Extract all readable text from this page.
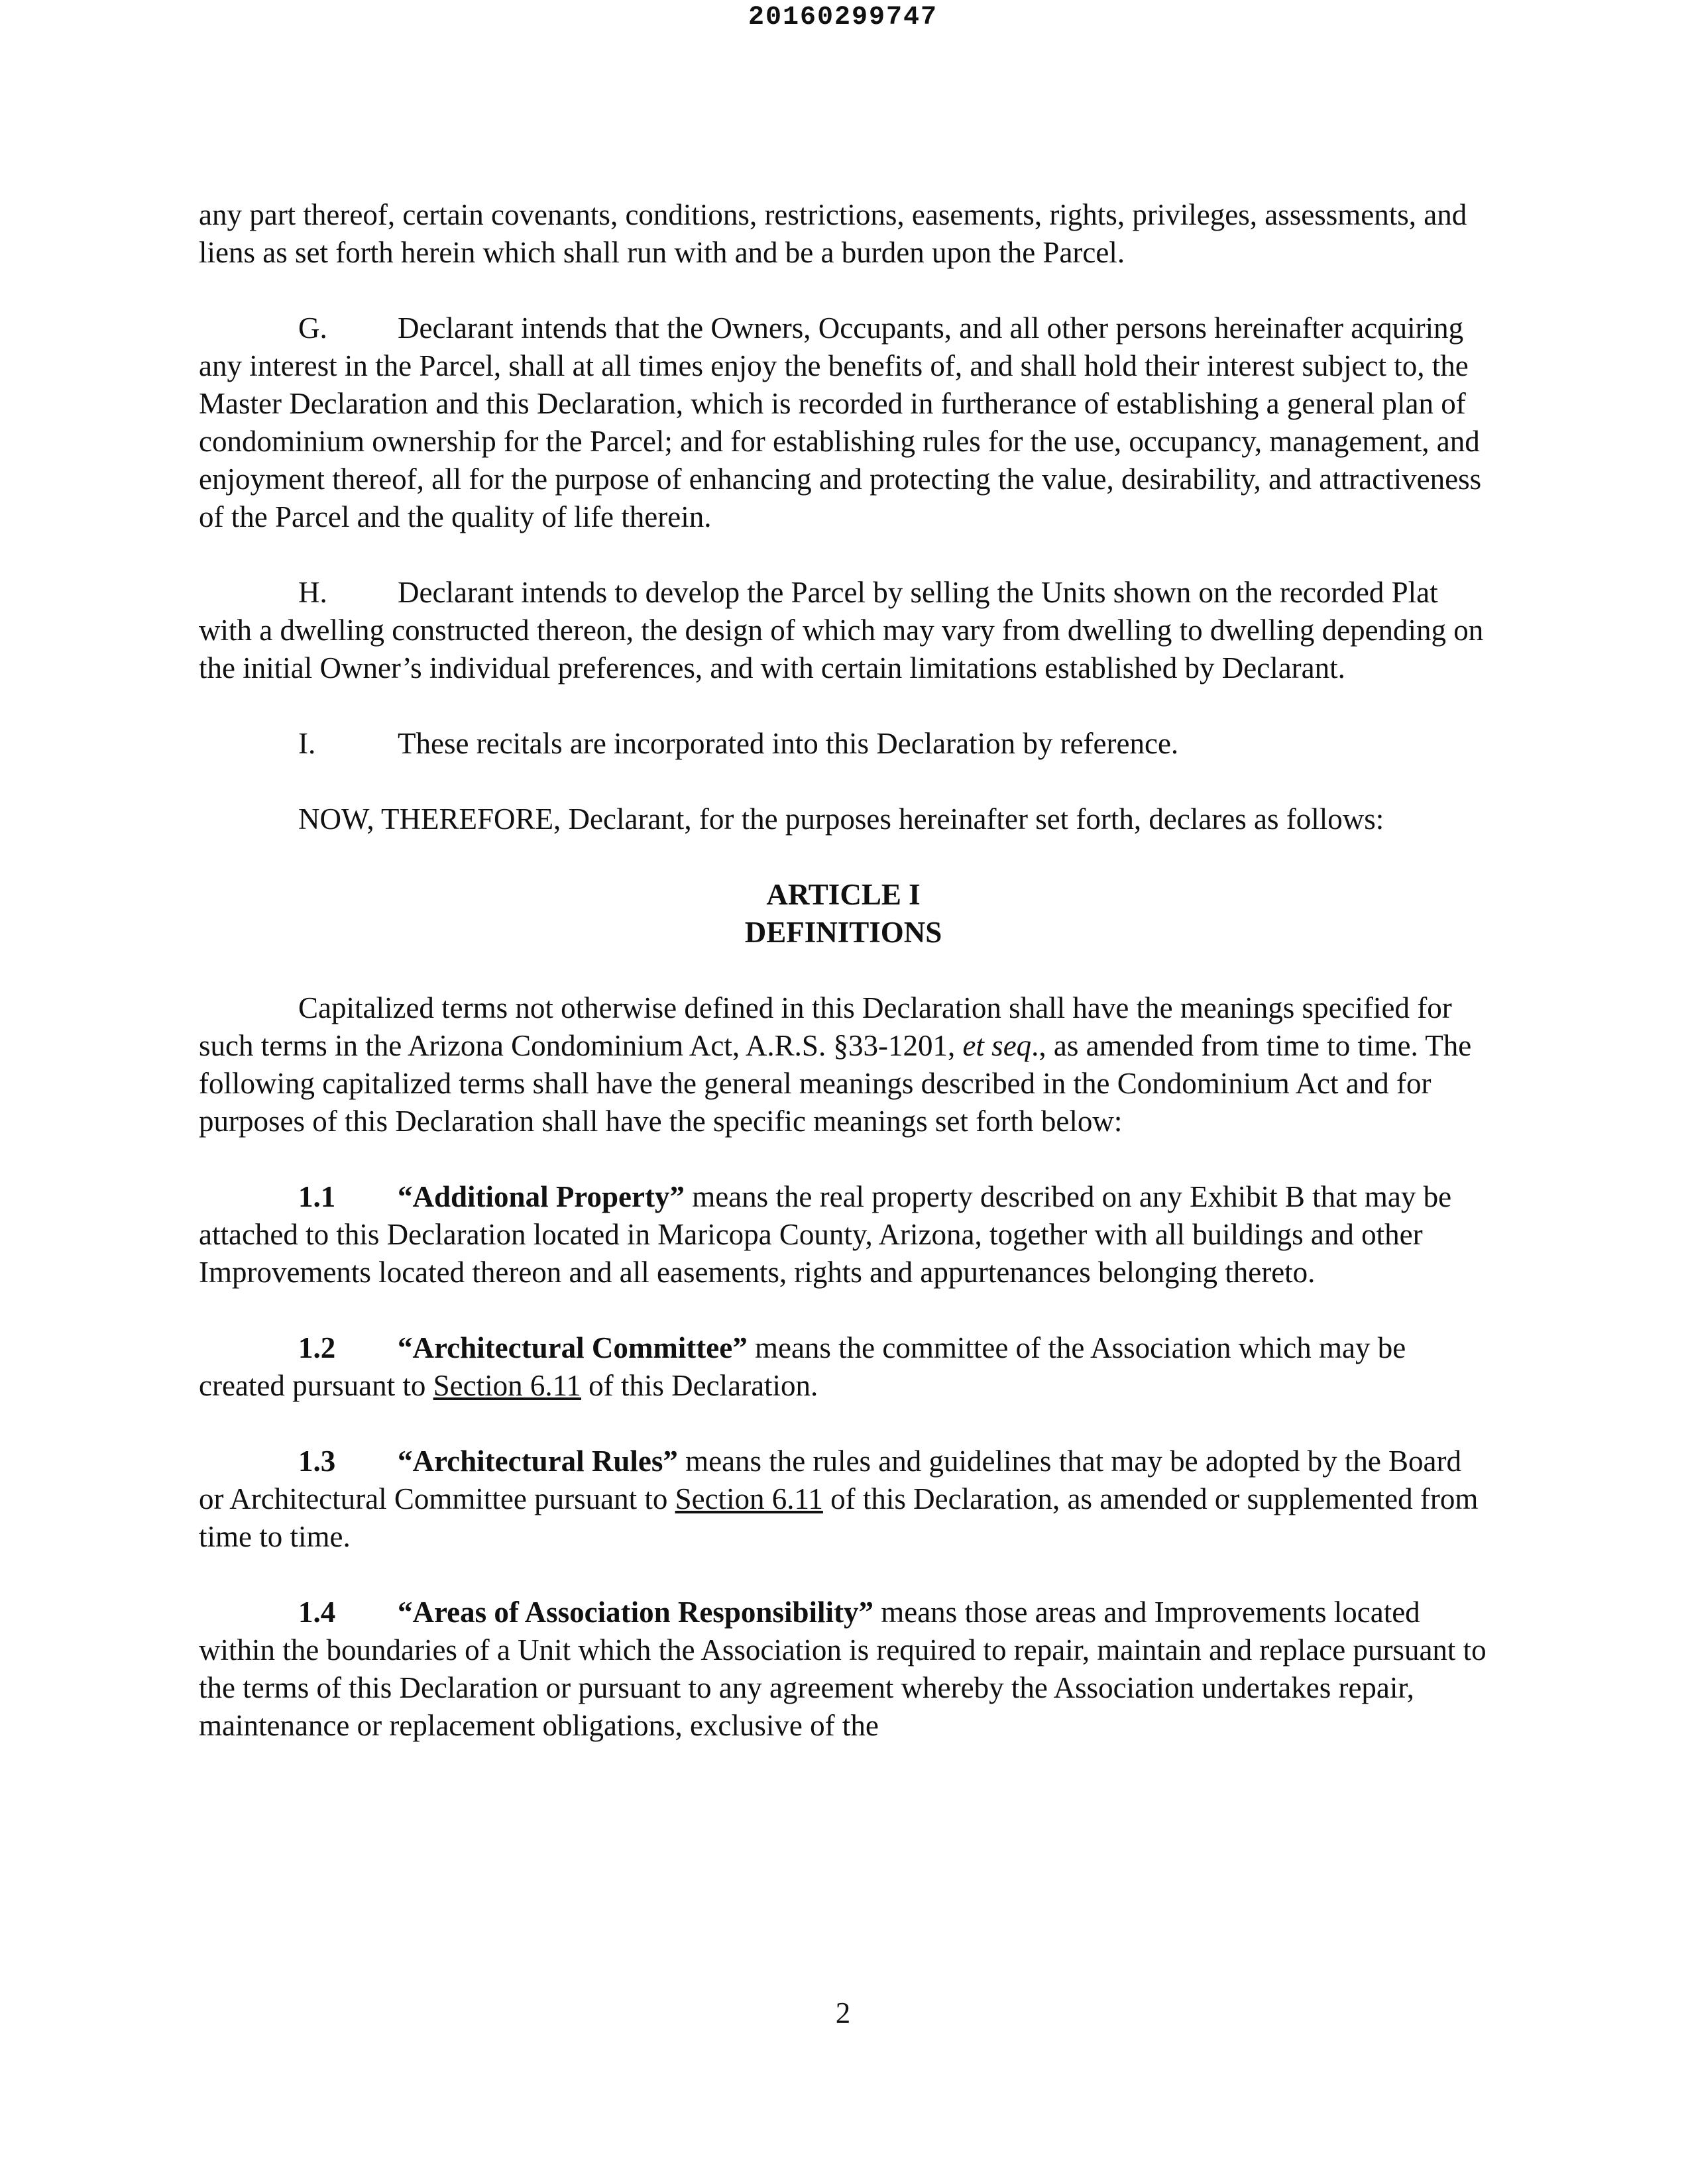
20160299747

any part thereof, certain covenants, conditions, restrictions, easements, rights, privileges, assessments, and liens as set forth herein which shall run with and be a burden upon the Parcel.

G. Declarant intends that the Owners, Occupants, and all other persons hereinafter acquiring any interest in the Parcel, shall at all times enjoy the benefits of, and shall hold their interest subject to, the Master Declaration and this Declaration, which is recorded in furtherance of establishing a general plan of condominium ownership for the Parcel; and for establishing rules for the use, occupancy, management, and enjoyment thereof, all for the purpose of enhancing and protecting the value, desirability, and attractiveness of the Parcel and the quality of life therein.

H. Declarant intends to develop the Parcel by selling the Units shown on the recorded Plat with a dwelling constructed thereon, the design of which may vary from dwelling to dwelling depending on the initial Owner’s individual preferences, and with certain limitations established by Declarant.

I.	These recitals are incorporated into this Declaration by reference.

NOW, THEREFORE, Declarant, for the purposes hereinafter set forth, declares as follows:

ARTICLE I
DEFINITIONS

Capitalized terms not otherwise defined in this Declaration shall have the meanings specified for such terms in the Arizona Condominium Act, A.R.S. §33-1201, et seq., as amended from time to time. The following capitalized terms shall have the general meanings described in the Condominium Act and for purposes of this Declaration shall have the specific meanings set forth below:

1.1 “Additional Property” means the real property described on any Exhibit B that may be attached to this Declaration located in Maricopa County, Arizona, together with all buildings and other Improvements located thereon and all easements, rights and appurtenances belonging thereto.

1.2 “Architectural Committee” means the committee of the Association which may be created pursuant to Section 6.11 of this Declaration.

1.3 “Architectural Rules” means the rules and guidelines that may be adopted by the Board or Architectural Committee pursuant to Section 6.11 of this Declaration, as amended or supplemented from time to time.

1.4 “Areas of Association Responsibility” means those areas and Improvements located within the boundaries of a Unit which the Association is required to repair, maintain and replace pursuant to the terms of this Declaration or pursuant to any agreement whereby the Association undertakes repair, maintenance or replacement obligations, exclusive of the

2
